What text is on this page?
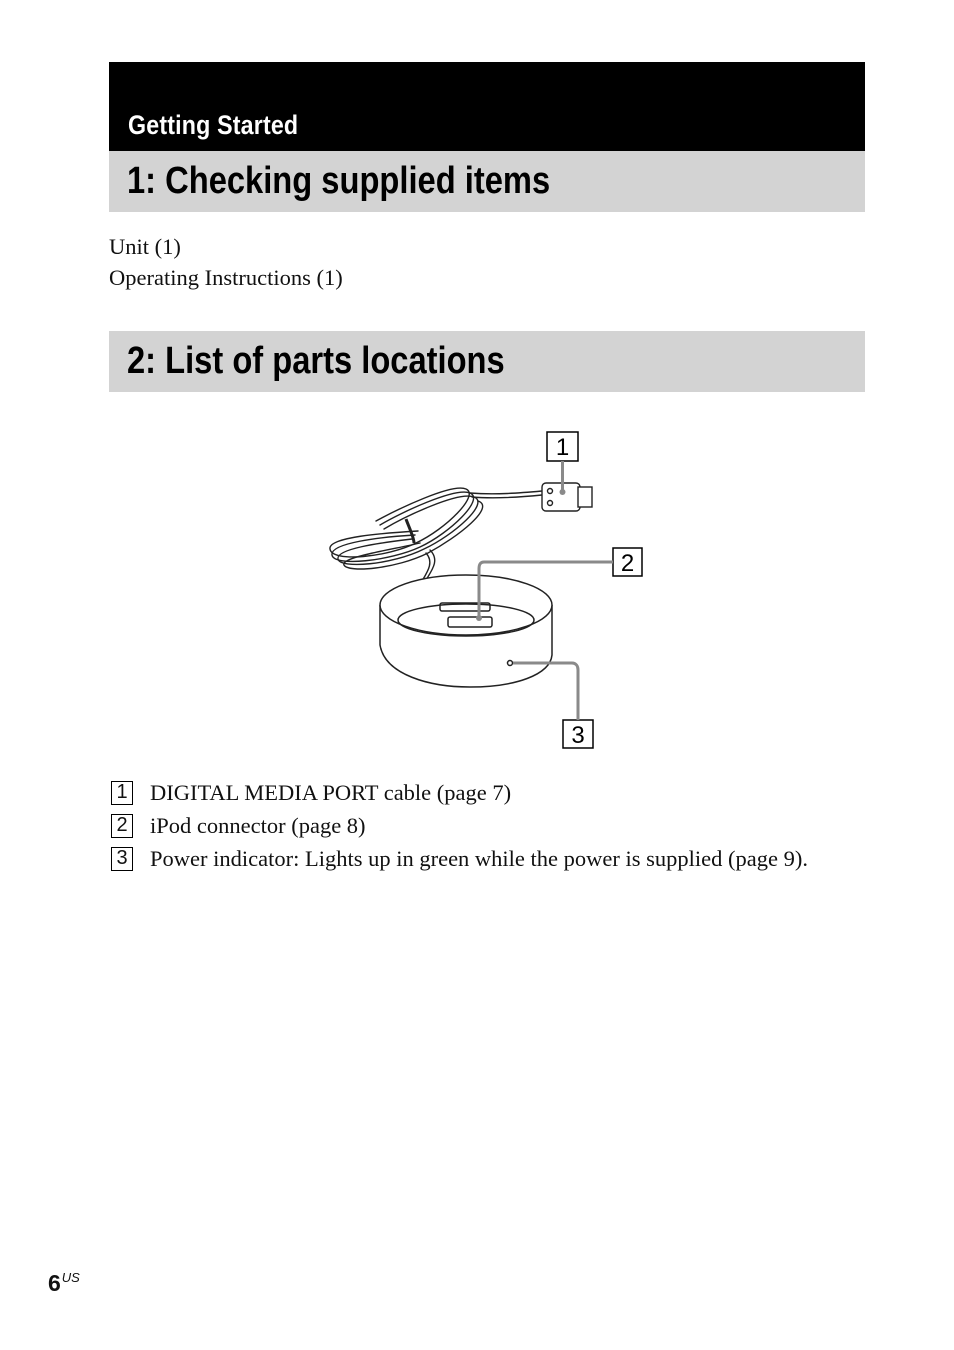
Getting Started
1: Checking supplied items
Unit (1)
Operating Instructions (1)
2: List of parts locations
1
2
3
1 DIGITAL MEDIA PORT cable (page 7)
2 iPod connector (page 8)
3 Power indicator: Lights up in green while the power is supplied (page 9).
$6^{US}$
